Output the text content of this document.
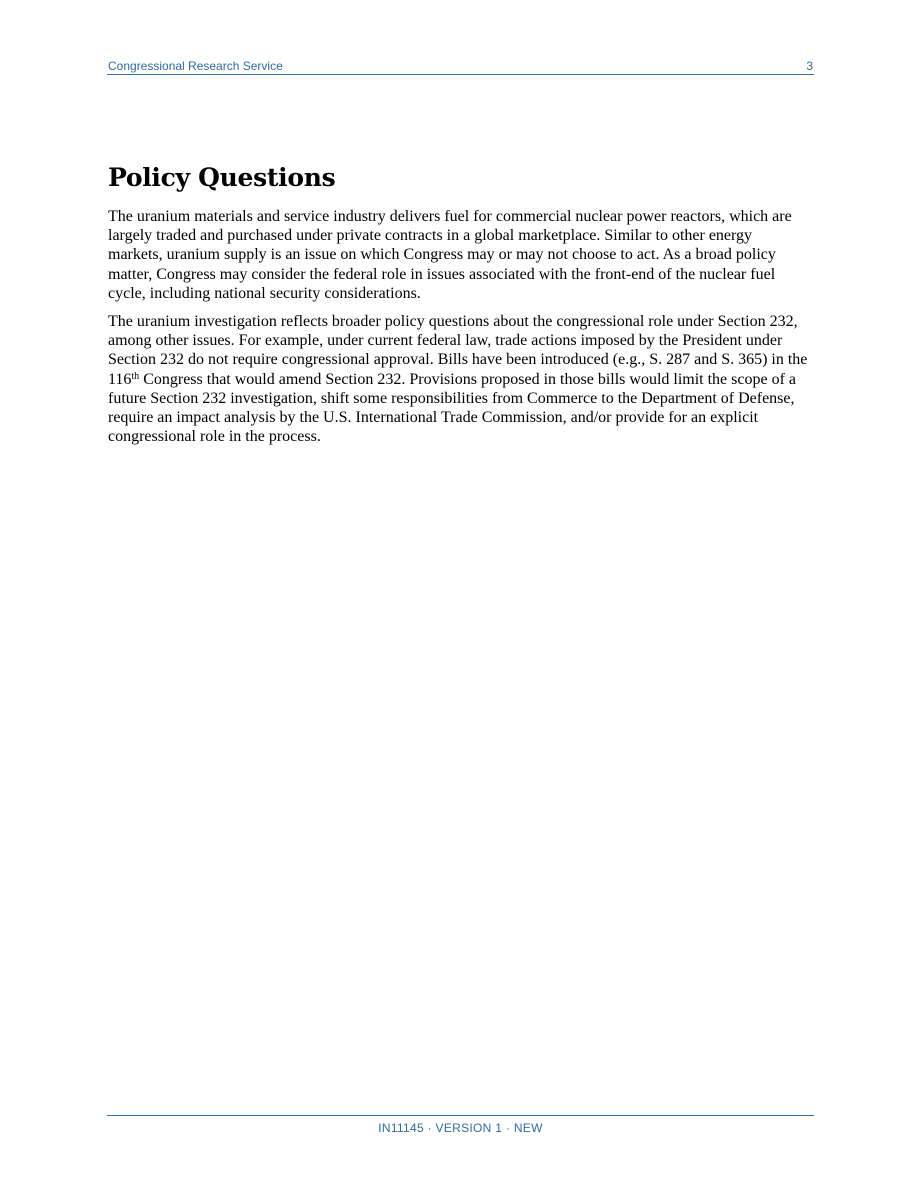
Congressional Research Service	3
Policy Questions

The uranium materials and service industry delivers fuel for commercial nuclear power reactors, which are largely traded and purchased under private contracts in a global marketplace. Similar to other energy markets, uranium supply is an issue on which Congress may or may not choose to act. As a broad policy matter, Congress may consider the federal role in issues associated with the front-end of the nuclear fuel cycle, including national security considerations.

The uranium investigation reflects broader policy questions about the congressional role under Section 232, among other issues. For example, under current federal law, trade actions imposed by the President under Section 232 do not require congressional approval. Bills have been introduced (e.g., S. 287 and S. 365) in the 116th Congress that would amend Section 232. Provisions proposed in those bills would limit the scope of a future Section 232 investigation, shift some responsibilities from Commerce to the Department of Defense, require an impact analysis by the U.S. International Trade Commission, and/or provide for an explicit congressional role in the process.

IN11145 · VERSION 1 · NEW
